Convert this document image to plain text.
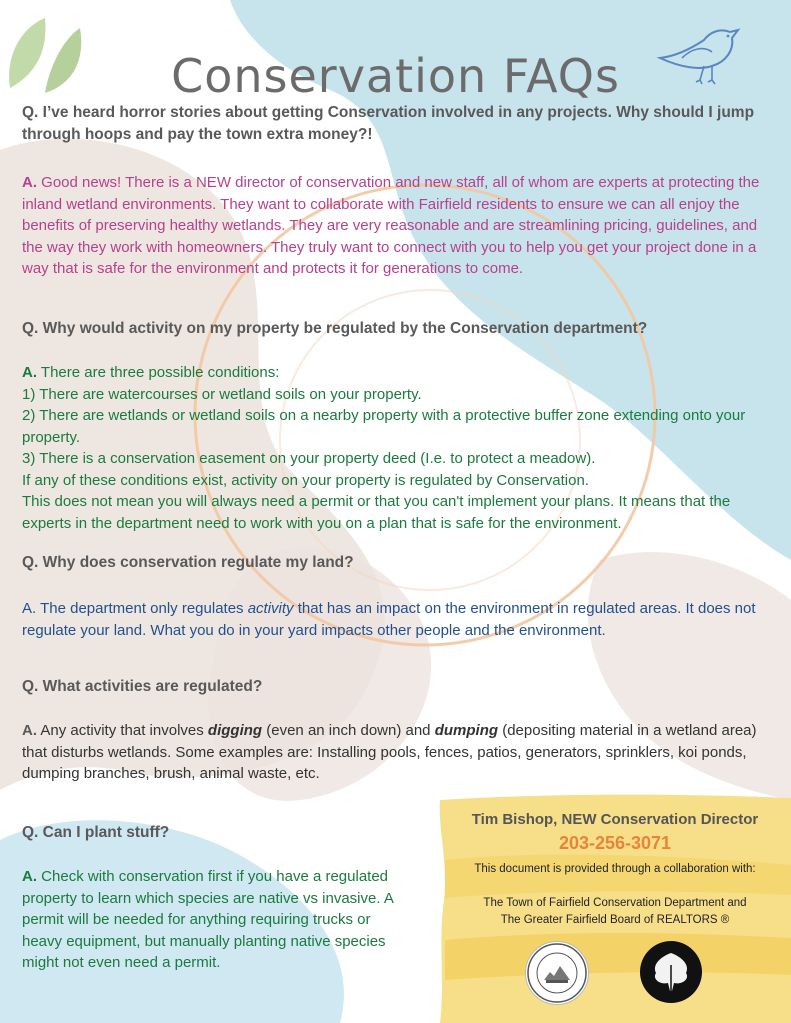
Conservation FAQs
Q. I’ve heard horror stories about getting Conservation involved in any projects. Why should I jump through hoops and pay the town extra money?!

A. Good news! There is a NEW director of conservation and new staff, all of whom are experts at protecting the inland wetland environments. They want to collaborate with Fairfield residents to ensure we can all enjoy the benefits of preserving healthy wetlands. They are very reasonable and are streamlining pricing, guidelines, and the way they work with homeowners. They truly want to connect with you to help you get your project done in a way that is safe for the environment and protects it for generations to come.

Q. Why would activity on my property be regulated by the Conservation department?

A. There are three possible conditions:

1) There are watercourses or wetland soils on your property.

2) There are wetlands or wetland soils on a nearby property with a protective buffer zone extending onto your property.

3) There is a conservation easement on your property deed (I.e. to protect a meadow).

If any of these conditions exist, activity on your property is regulated by Conservation.

This does not mean you will always need a permit or that you can't implement your plans. It means that the experts in the department need to work with you on a plan that is safe for the environment.

Q. Why does conservation regulate my land?

A. The department only regulates activity that has an impact on the environment in regulated areas. It does not regulate your land. What you do in your yard impacts other people and the environment.

Q. What activities are regulated?

A. Any activity that involves digging (even an inch down) and dumping (depositing material in a wetland area) that disturbs wetlands. Some examples are: Installing pools, fences, patios, generators, sprinklers, koi ponds, dumping branches, brush, animal waste, etc.

Q. Can I plant stuff?

A. Check with conservation first if you have a regulated property to learn which species are native vs invasive. A permit will be needed for anything requiring trucks or heavy equipment, but manually planting native species might not even need a permit.

Tim Bishop, NEW Conservation Director
203-256-3071
This document is provided through a collaboration with:

The Town of Fairfield Conservation Department and

The Greater Fairfield Board of REALTORS ®
